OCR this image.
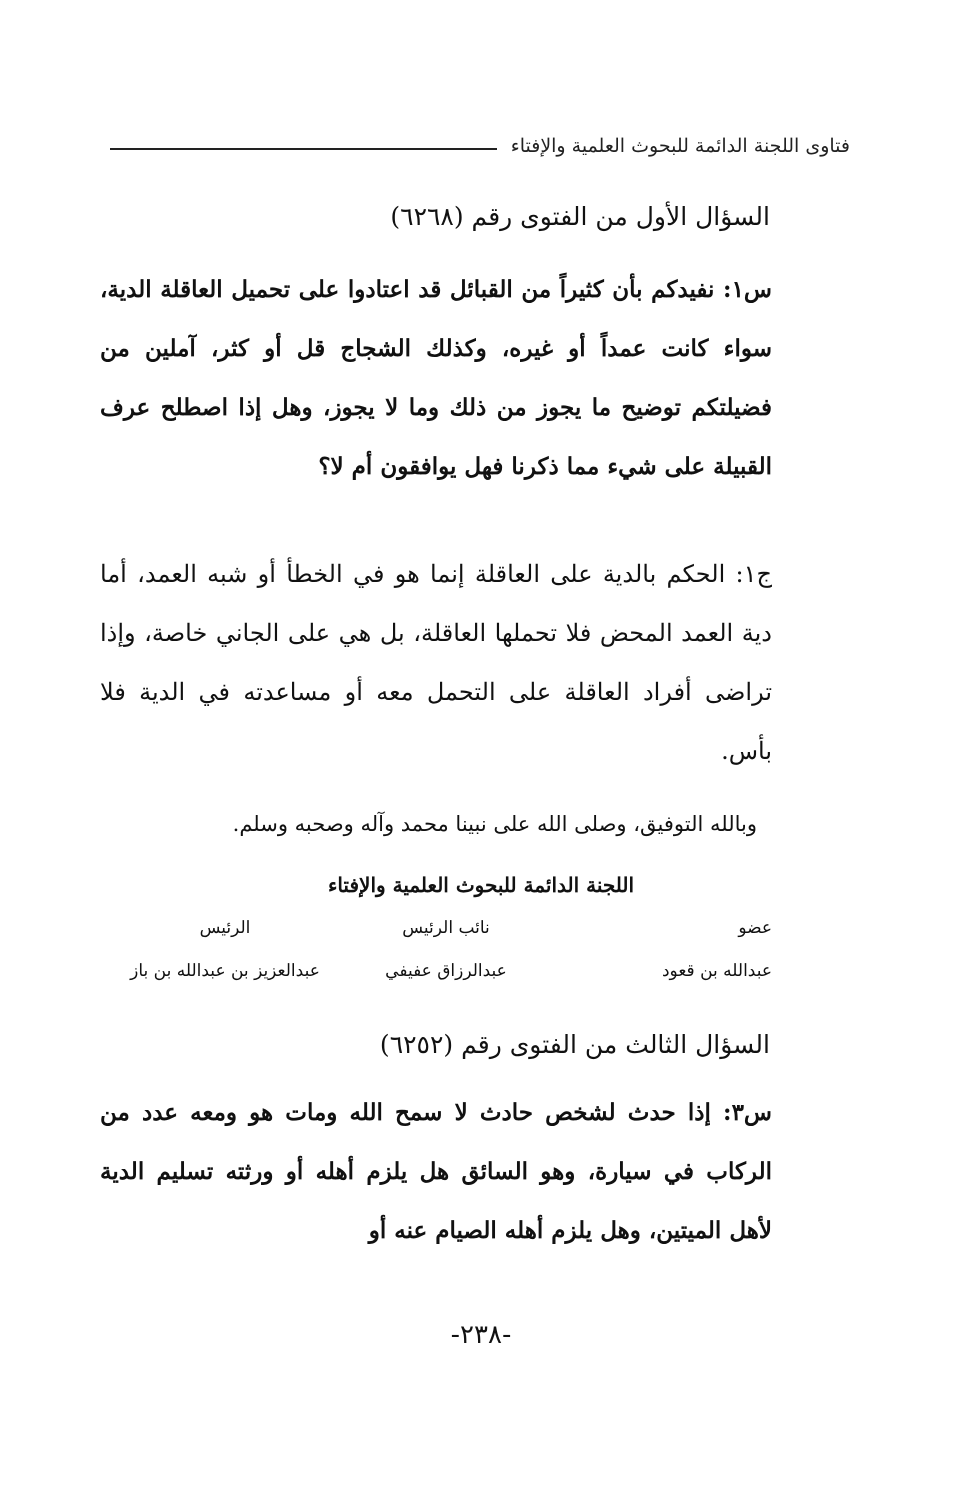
فتاوى اللجنة الدائمة للبحوث العلمية والإفتاء
السؤال الأول من الفتوى رقم (٦٢٦٨)
س١: نفيدكم بأن كثيراً من القبائل قد اعتادوا على تحميل العاقلة الدية، سواء كانت عمداً أو غيره، وكذلك الشجاج قل أو كثر، آملين من فضيلتكم توضيح ما يجوز من ذلك وما لا يجوز، وهل إذا اصطلح عرف القبيلة على شيء مما ذكرنا فهل يوافقون أم لا؟
ج١: الحكم بالدية على العاقلة إنما هو في الخطأ أو شبه العمد، أما دية العمد المحض فلا تحملها العاقلة، بل هي على الجاني خاصة، وإذا تراضى أفراد العاقلة على التحمل معه أو مساعدته في الدية فلا بأس.
وبالله التوفيق، وصلى الله على نبينا محمد وآله وصحبه وسلم.
اللجنة الدائمة للبحوث العلمية والإفتاء
عضو
نائب الرئيس
الرئيس
عبدالله بن قعود
عبدالرزاق عفيفي
عبدالعزيز بن عبدالله بن باز
السؤال الثالث من الفتوى رقم (٦٢٥٢)
س٣: إذا حدث لشخص حادث لا سمح الله ومات هو ومعه عدد من الركاب في سيارة، وهو السائق هل يلزم أهله أو ورثته تسليم الدية لأهل الميتين، وهل يلزم أهله الصيام عنه أو
-٢٣٨-
